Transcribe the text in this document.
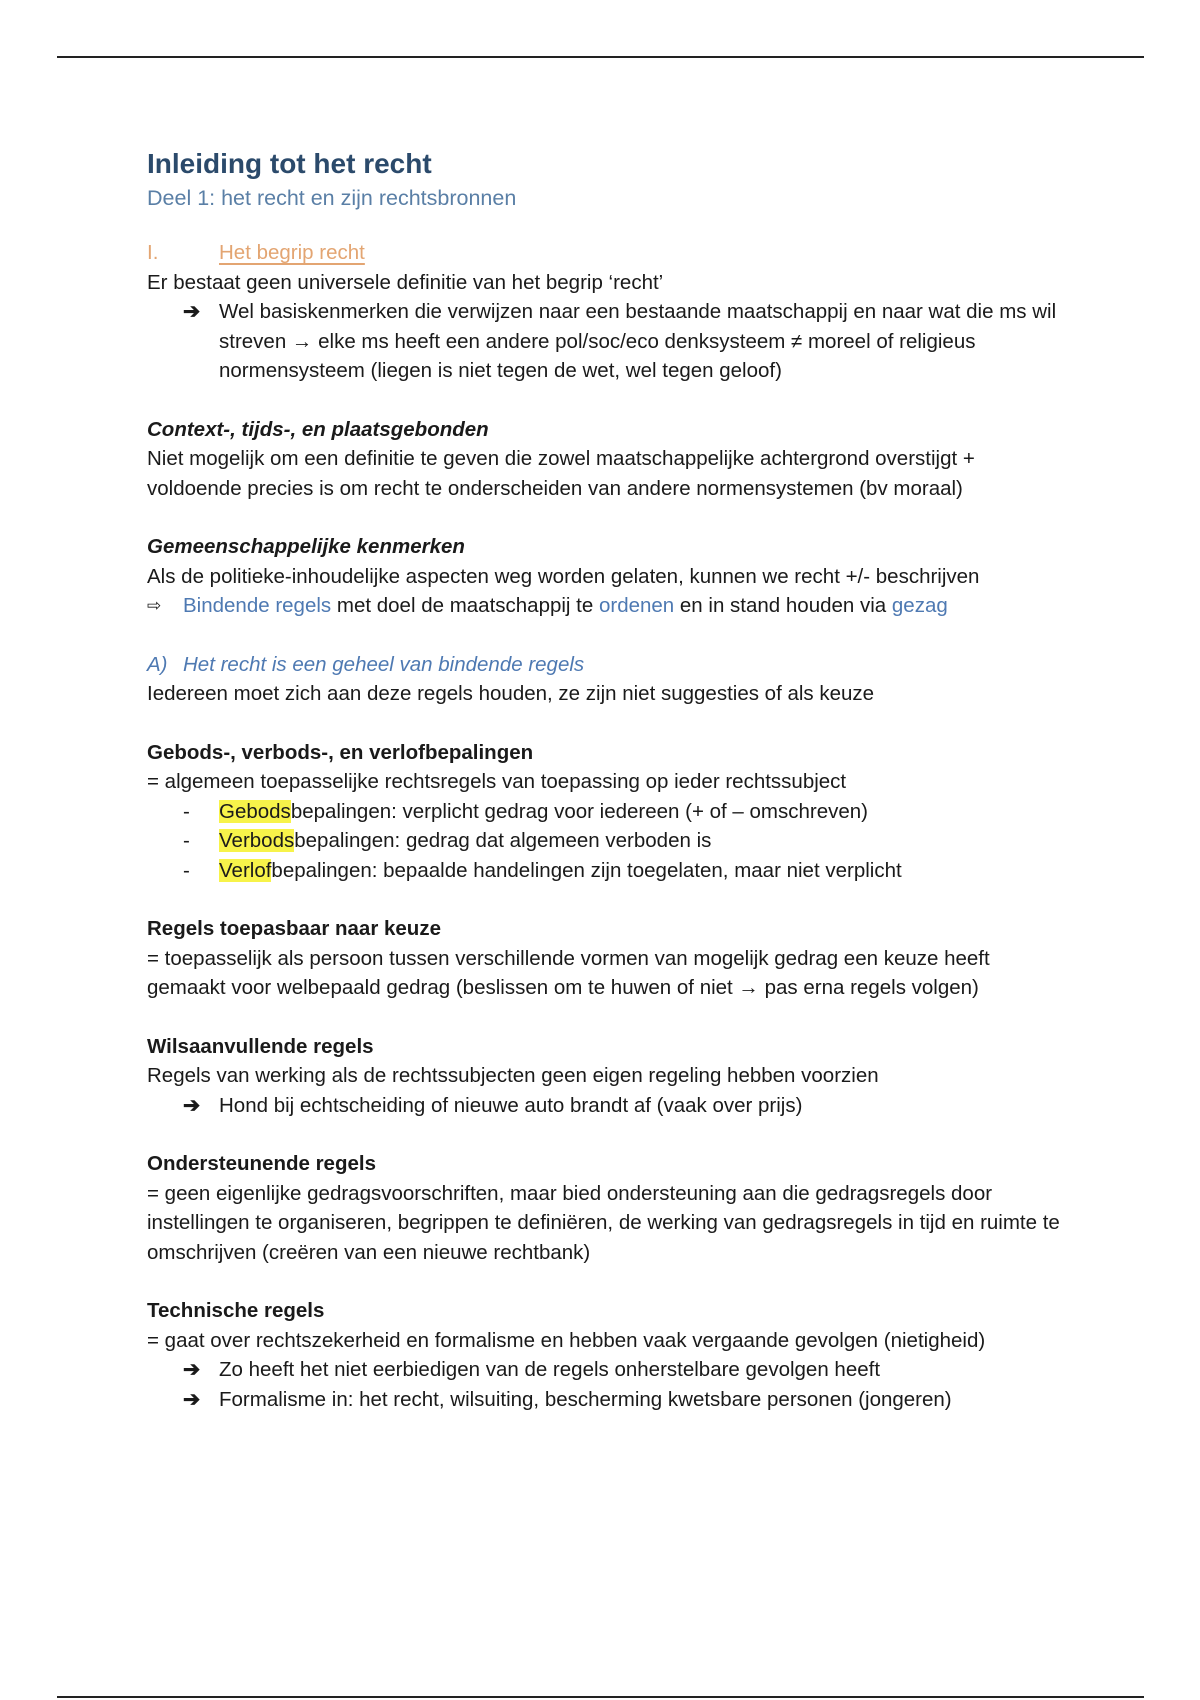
Inleiding tot het recht
Deel 1: het recht en zijn rechtsbronnen
I.	Het begrip recht
Er bestaat geen universele definitie van het begrip ‘recht’
➔ Wel basiskenmerken die verwijzen naar een bestaande maatschappij en naar wat die ms wil streven → elke ms heeft een andere pol/soc/eco denksysteem ≠ moreel of religieus normensysteem (liegen is niet tegen de wet, wel tegen geloof)
Context-, tijds-, en plaatsgebonden
Niet mogelijk om een definitie te geven die zowel maatschappelijke achtergrond overstijgt + voldoende precies is om recht te onderscheiden van andere normensystemen (bv moraal)
Gemeenschappelijke kenmerken
Als de politieke-inhoudelijke aspecten weg worden gelaten, kunnen we recht +/- beschrijven
⇨	Bindende regels met doel de maatschappij te ordenen en in stand houden via gezag
A) Het recht is een geheel van bindende regels
Iedereen moet zich aan deze regels houden, ze zijn niet suggesties of als keuze
Gebods-, verbods-, en verlofbepalingen
= algemeen toepasselijke rechtsregels van toepassing op ieder rechtssubject
-	Gebodsbepalingen: verplicht gedrag voor iedereen (+ of – omschreven)
-	Verbodsbepalingen: gedrag dat algemeen verboden is
-	Verlofbepalingen: bepaalde handelingen zijn toegelaten, maar niet verplicht
Regels toepasbaar naar keuze
= toepasselijk als persoon tussen verschillende vormen van mogelijk gedrag een keuze heeft gemaakt voor welbepaald gedrag (beslissen om te huwen of niet → pas erna regels volgen)
Wilsaanvullende regels
Regels van werking als de rechtssubjecten geen eigen regeling hebben voorzien
➔ Hond bij echtscheiding of nieuwe auto brandt af (vaak over prijs)
Ondersteunende regels
= geen eigenlijke gedragsvoorschriften, maar bied ondersteuning aan die gedragsregels door instellingen te organiseren, begrippen te definiëren, de werking van gedragsregels in tijd en ruimte te omschrijven (creëren van een nieuwe rechtbank)
Technische regels
= gaat over rechtszekerheid en formalisme en hebben vaak vergaande gevolgen (nietigheid)
➔ Zo heeft het niet eerbiedigen van de regels onherstelbare gevolgen heeft
➔ Formalisme in: het recht, wilsuiting, bescherming kwetsbare personen (jongeren)
